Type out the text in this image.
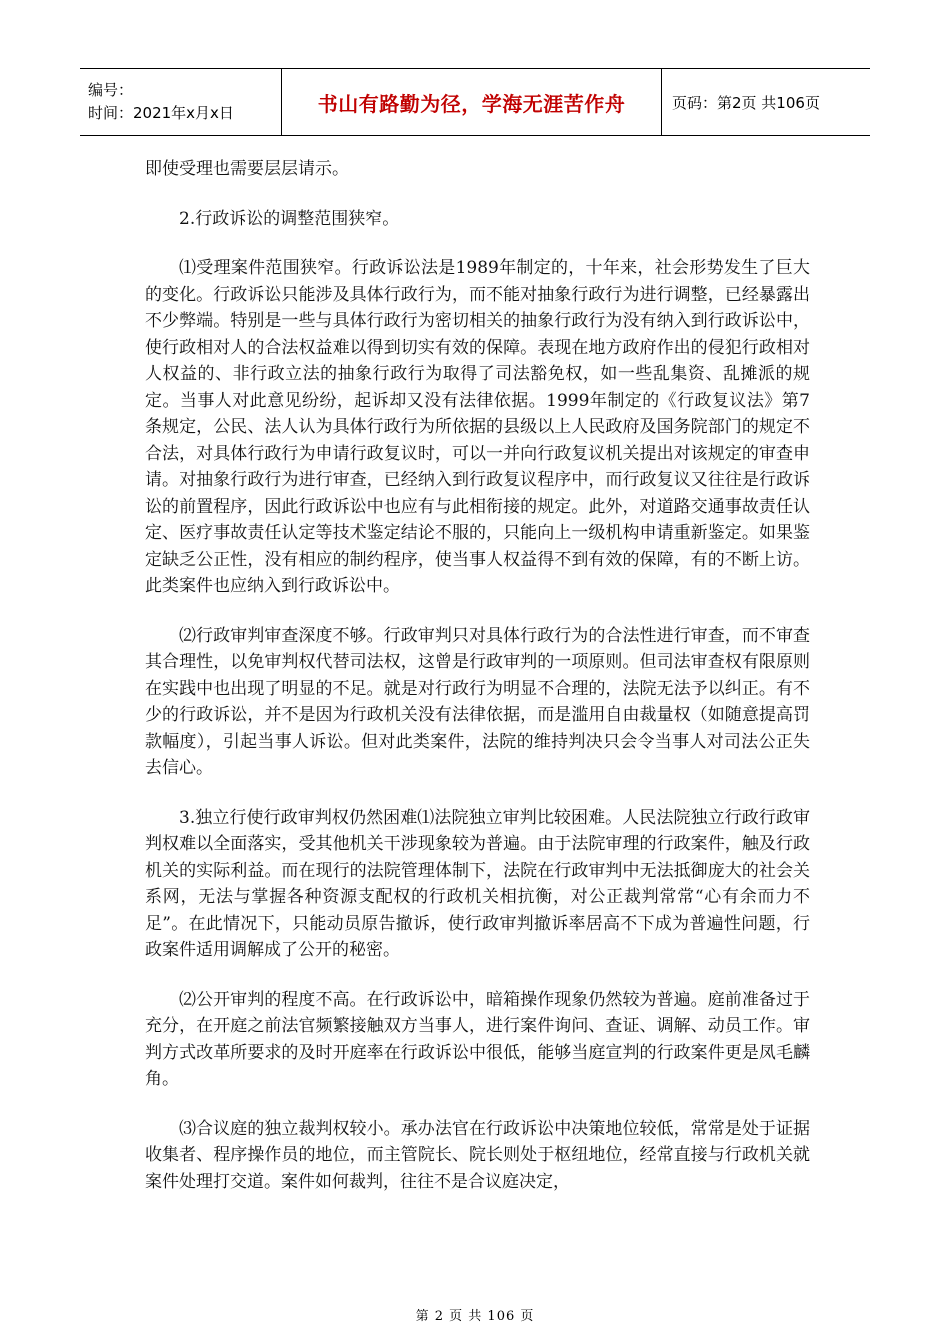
编号：
时间：2021年x月x日	书山有路勤为径，学海无涯苦作舟	页码：第2页 共106页

即使受理也需要层层请示。

2.行政诉讼的调整范围狭窄。

⑴受理案件范围狭窄。行政诉讼法是1989年制定的，十年来，社会形势发生了巨大的变化。行政诉讼只能涉及具体行政行为，而不能对抽象行政行为进行调整，已经暴露出不少弊端。特别是一些与具体行政行为密切相关的抽象行政行为没有纳入到行政诉讼中，使行政相对人的合法权益难以得到切实有效的保障。表现在地方政府作出的侵犯行政相对人权益的、非行政立法的抽象行政行为取得了司法豁免权，如一些乱集资、乱摊派的规定。当事人对此意见纷纷，起诉却又没有法律依据。1999年制定的《行政复议法》第7条规定，公民、法人认为具体行政行为所依据的县级以上人民政府及国务院部门的规定不合法，对具体行政行为申请行政复议时，可以一并向行政复议机关提出对该规定的审查申请。对抽象行政行为进行审查，已经纳入到行政复议程序中，而行政复议又往往是行政诉讼的前置程序，因此行政诉讼中也应有与此相衔接的规定。此外，对道路交通事故责任认定、医疗事故责任认定等技术鉴定结论不服的，只能向上一级机构申请重新鉴定。如果鉴定缺乏公正性，没有相应的制约程序，使当事人权益得不到有效的保障，有的不断上访。此类案件也应纳入到行政诉讼中。

⑵行政审判审查深度不够。行政审判只对具体行政行为的合法性进行审查，而不审查其合理性，以免审判权代替司法权，这曾是行政审判的一项原则。但司法审查权有限原则在实践中也出现了明显的不足。就是对行政行为明显不合理的，法院无法予以纠正。有不少的行政诉讼，并不是因为行政机关没有法律依据，而是滥用自由裁量权（如随意提高罚款幅度），引起当事人诉讼。但对此类案件，法院的维持判决只会令当事人对司法公正失去信心。

3.独立行使行政审判权仍然困难⑴法院独立审判比较困难。人民法院独立行政行政审判权难以全面落实，受其他机关干涉现象较为普遍。由于法院审理的行政案件，触及行政机关的实际利益。而在现行的法院管理体制下，法院在行政审判中无法抵御庞大的社会关系网，无法与掌握各种资源支配权的行政机关相抗衡，对公正裁判常常“心有余而力不足”。在此情况下，只能动员原告撤诉，使行政审判撤诉率居高不下成为普遍性问题，行政案件适用调解成了公开的秘密。

⑵公开审判的程度不高。在行政诉讼中，暗箱操作现象仍然较为普遍。庭前准备过于充分，在开庭之前法官频繁接触双方当事人，进行案件询问、查证、调解、动员工作。审判方式改革所要求的及时开庭率在行政诉讼中很低，能够当庭宣判的行政案件更是凤毛麟角。

⑶合议庭的独立裁判权较小。承办法官在行政诉讼中决策地位较低，常常是处于证据收集者、程序操作员的地位，而主管院长、院长则处于枢纽地位，经常直接与行政机关就案件处理打交道。案件如何裁判，往往不是合议庭决定，

第 2 页 共 106 页
